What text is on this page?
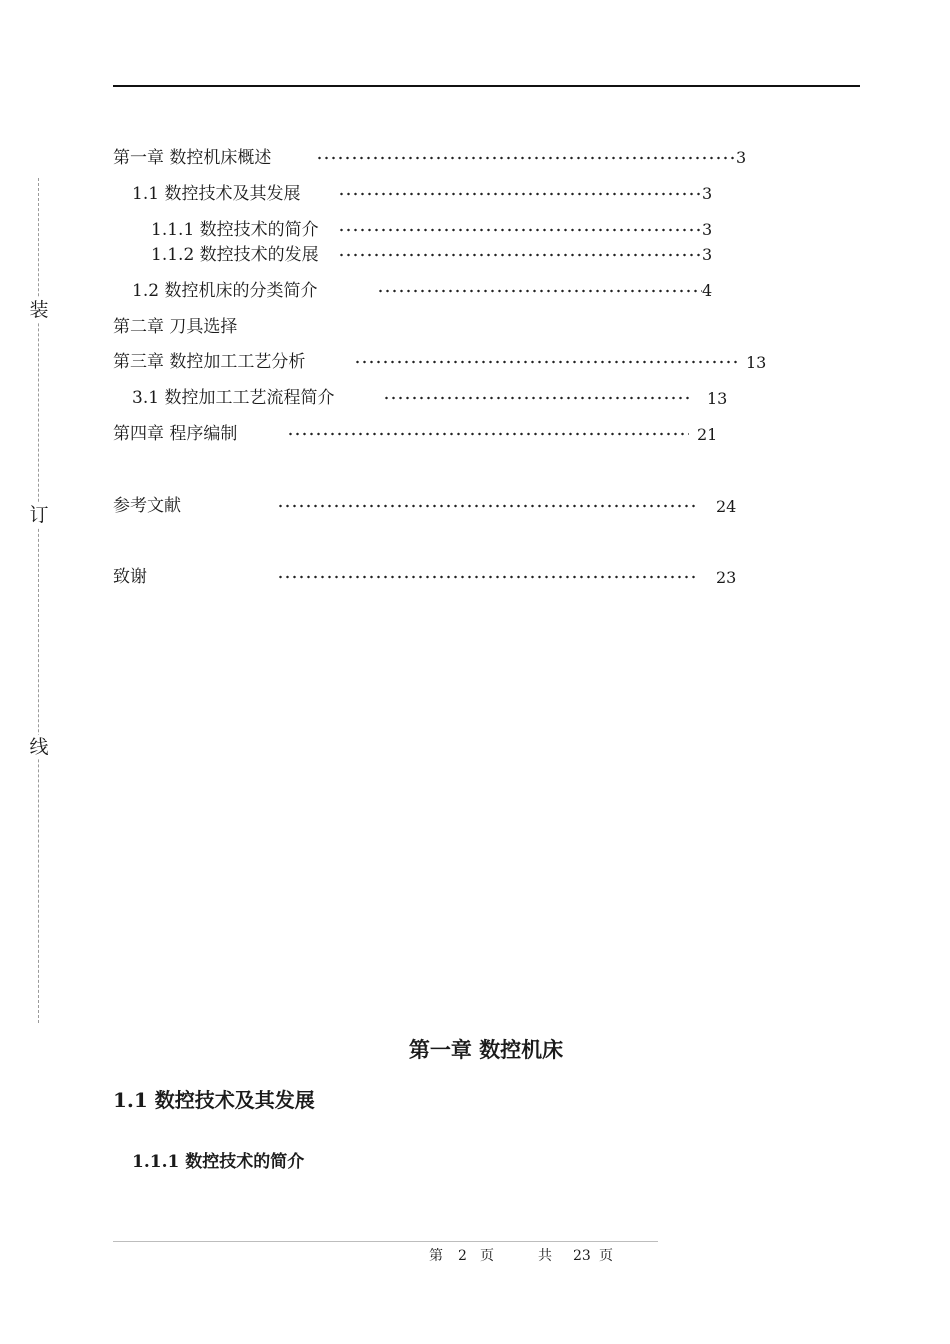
装
订
线
第一章 数控机床概述	3
1.1 数控技术及其发展	3
1.1.1 数控技术的简介	3
1.1.2 数控技术的发展	3
1.2 数控机床的分类简介	4
第二章 刀具选择
第三章 数控加工工艺分析	13
3.1 数控加工工艺流程简介	13
第四章 程序编制	21
参考文献	24
致谢	23
第一章 数控机床
1.1 数控技术及其发展
1.1.1 数控技术的简介
第 2 页	共 23 页
